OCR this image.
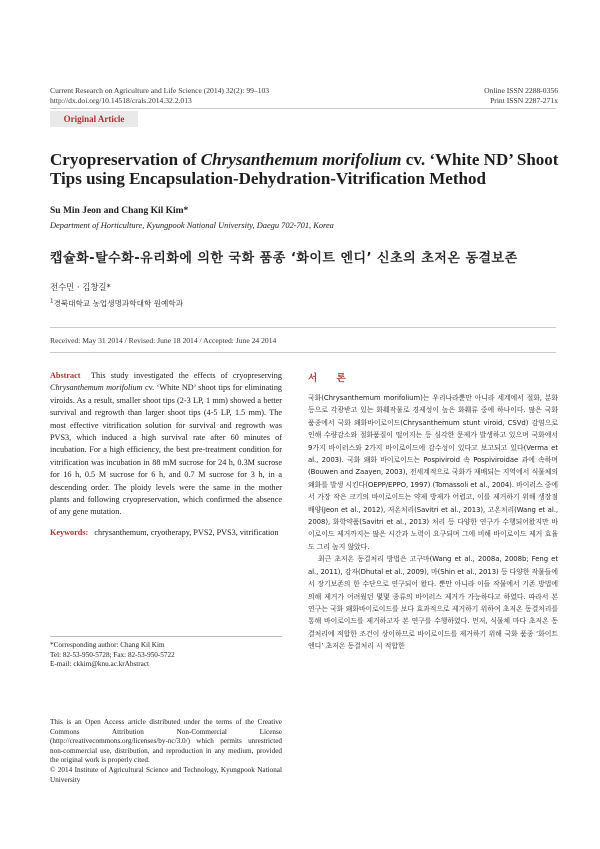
Current Research on Agriculture and Life Science (2014) 32(2): 99–103
http://dx.doi.org/10.14518/crals.2014.32.2.013
Online ISSN 2288-0356
Print ISSN 2287-271x
Original Article
Cryopreservation of Chrysanthemum morifolium cv. ‘White ND’ Shoot Tips using Encapsulation-Dehydration-Vitrification Method
Su Min Jeon and Chang Kil Kim*
Department of Horticulture, Kyungpook National University, Daegu 702-701, Korea
캡슐화-탈수화-유리화에 의한 국화 품종 ‘화이트 엔디’ 신초의 초저온 동결보존
전수민 · 김창길*
$^1$경북대학교 농업생명과학대학 원예학과
Received: May 31 2014 / Revised: June 18 2014 / Accepted: June 24 2014
Abstract This study investigated the effects of cryopreserving Chrysanthemum morifolium cv. ‘White ND’ shoot tips for eliminating viroids. As a result, smaller shoot tips (2-3 LP, 1 mm) showed a better survival and regrowth than larger shoot tips (4-5 LP, 1.5 mm). The most effective vitrification solution for survival and regrowth was PVS3, which induced a high survival rate after 60 minutes of incubation. For a high efficiency, the best pre-treatment condition for vitrification was incubation in 88 mM sucrose for 24 h, 0.3M sucrose for 16 h, 0.5 M sucrose for 6 h, and 0.7 M sucrose for 3 h, in a descending order. The ploidy levels were the same in the mother plants and following cryopreservation, which confirmed the absence of any gene mutation.
Keywords: chrysanthemum, cryotherapy, PVS2, PVS3, vitrification
*Corresponding author: Chang Kil Kim
Tel: 82-53-950-5728; Fax: 82-53-950-5722
E-mail: ckkim@knu.ac.krAbstract
This is an Open Access article distributed under the terms of the Creative Commons Attribution Non-Commercial License (http://creativecommons.org/licenses/by-nc/3.0/) which permits unrestricted non-commercial use, distribution, and reproduction in any medium, provided the original work is properly cited.
© 2014 Institute of Agricultural Science and Technology, Kyungpook National University
서 론

국화(Chrysanthemum morifolium)는 우리나라뿐만 아니라 세계에서 절화, 분화 등으로 각광받고 있는 화훼작물로 경제성이 높은 화훼류 중에 하나이다. 많은 국화 품종에서 국화 왜화바이로이드(Chrysanthemum stunt viroid, CSVd) 감염으로인해 수량감소와 절화품질이 떨어지는 등 심각한 문제가 발생하고 있으며 국화에서 9가지 바이러스와 2가지 바이로이드에 감수성이 있다고 보고되고 있다(Verma et al., 2003). 국화 왜화 바이로이드는 Pospiviroid 속 Pospiviroidae 과에 속하며(Bouwen and Zaayen, 2003), 전세계적으로 국화가 재배되는 지역에서 식물체의 왜화를 발생 시킨다(OEPP/EPPO, 1997) (Tomassoli et al., 2004). 바이러스 중에서 가장 작은 크기의 바이로이드는 약제 방제가 어렵고, 이를 제거하기 위해 생장점 배양(Jeon et al., 2012), 저온처리(Savitri et al., 2013), 고온처리(Wang et al., 2008), 화학약품(Savitri et al., 2013) 처리 등 다양한 연구가 수행되어왔지만 바이로이드 제거까지는 많은 시간과 노력이 요구되며 그에 비해 바이로이드 제거 효율도 그리 높지 않았다.

최근 초저온 동결처리 방법은 고구마(Wang et al., 2008a, 2008b; Feng et al., 2011), 감자(Dhutal et al., 2009), 마(Shin et al., 2013) 등 다양한 작물들에서 장기보존의 한 수단으로 연구되어 왔다. 뿐만 아니라 이들 작물에서 기존 방법에 의해 제거가 어려웠던 몇몇 종류의 바이러스 제거가 가능하다고 하였다. 따라서 본 연구는 국화 왜화바이로이드를 보다 효과적으로 제거하기 위하여 초저온 동결처리를 통해 바이로이드를 제거하고자 본 연구를 수행하였다. 먼저, 식물체 마다 초저온 동결처리에 적합한 조건이 상이하므로 바이로이드를 제거하기 위해 국화 품종 ‘화이트 엔디’ 초저온 동결처리 시 적합한
